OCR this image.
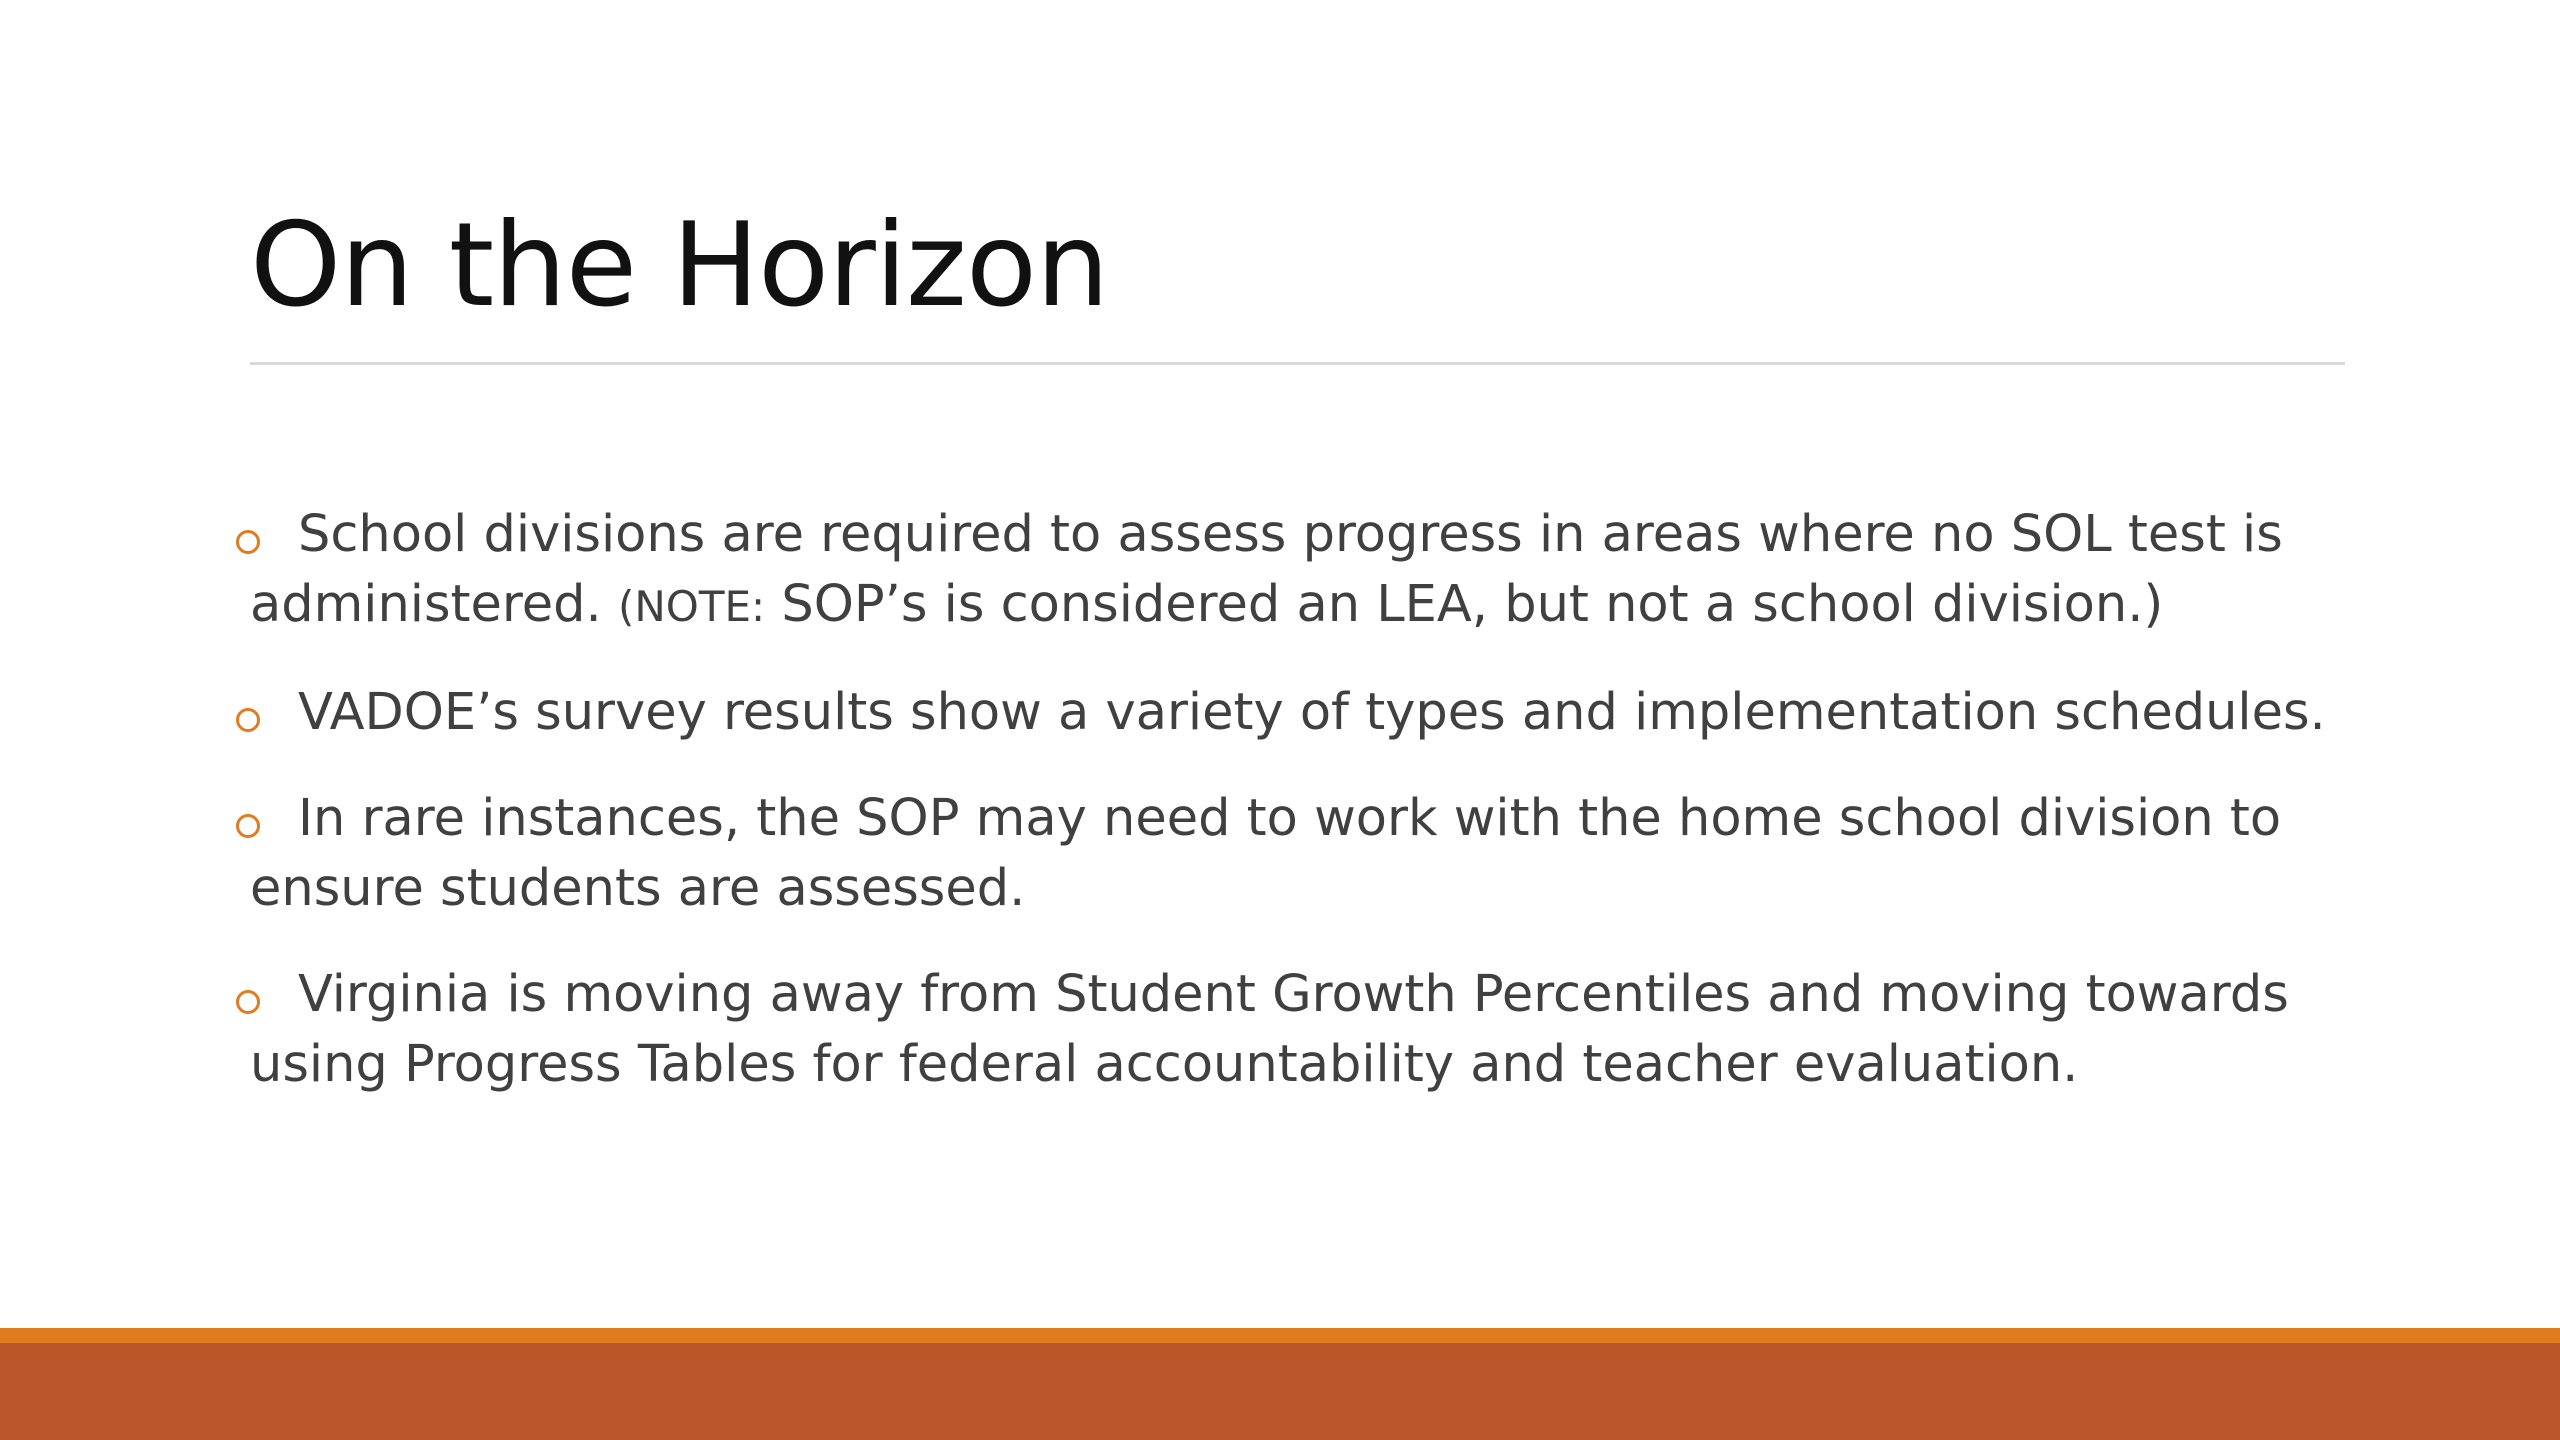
On the Horizon
School divisions are required to assess progress in areas where no SOL test is administered. (NOTE: SOP’s is considered an LEA, but not a school division.)
VADOE’s survey results show a variety of types and implementation schedules.
In rare instances, the SOP may need to work with the home school division to ensure students are assessed.
Virginia is moving away from Student Growth Percentiles and moving towards using Progress Tables for federal accountability and teacher evaluation.
